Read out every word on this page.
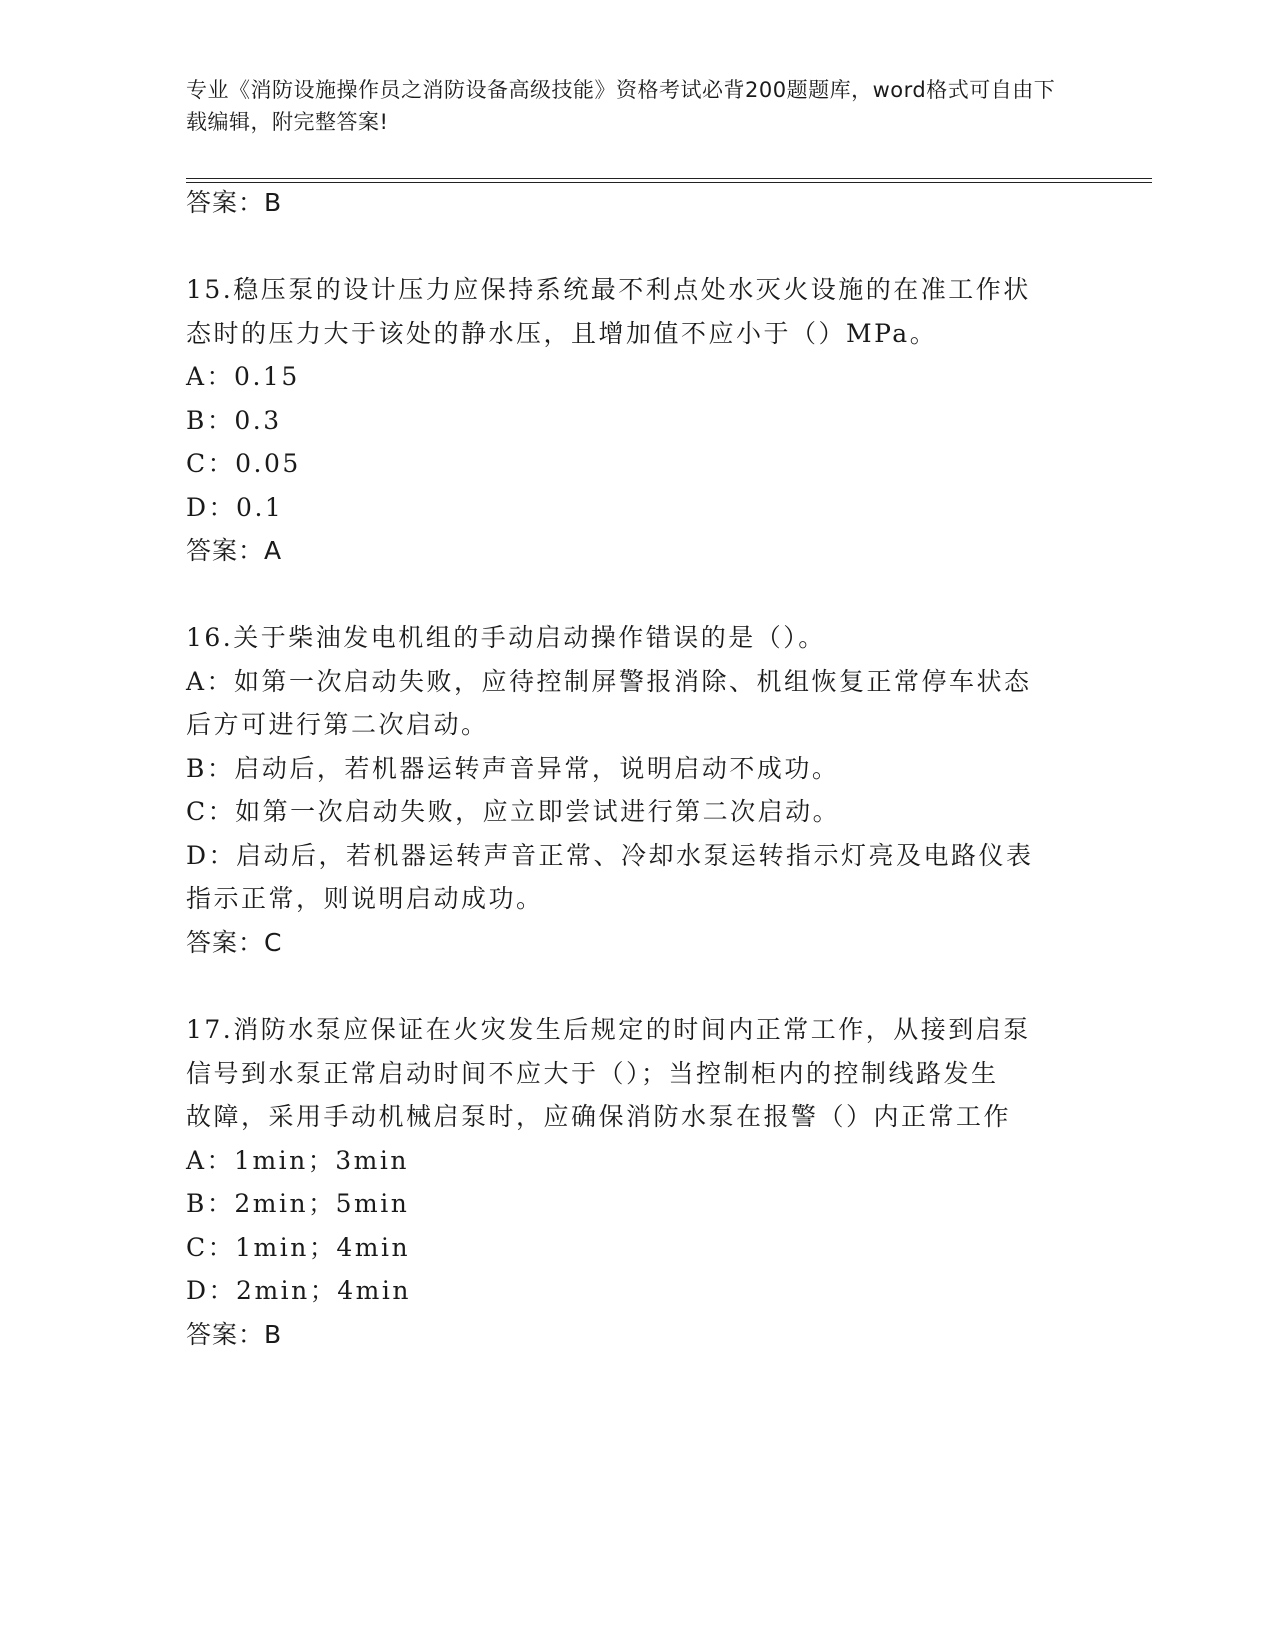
专业《消防设施操作员之消防设备高级技能》资格考试必背200题题库，word格式可自由下载编辑，附完整答案!
答案：B
15.稳压泵的设计压力应保持系统最不利点处水灭火设施的在准工作状
态时的压力大于该处的静水压，且增加值不应小于（）MPa。
A：0.15
B：0.3
C：0.05
D：0.1
答案：A
16.关于柴油发电机组的手动启动操作错误的是（）。
A：如第一次启动失败，应待控制屏警报消除、机组恢复正常停车状态
后方可进行第二次启动。
B：启动后，若机器运转声音异常，说明启动不成功。
C：如第一次启动失败，应立即尝试进行第二次启动。
D：启动后，若机器运转声音正常、冷却水泵运转指示灯亮及电路仪表
指示正常，则说明启动成功。
答案：C
17.消防水泵应保证在火灾发生后规定的时间内正常工作，从接到启泵
信号到水泵正常启动时间不应大于（）；当控制柜内的控制线路发生
故障，采用手动机械启泵时，应确保消防水泵在报警（）内正常工作
A：1min；3min
B：2min；5min
C：1min；4min
D：2min；4min
答案：B
